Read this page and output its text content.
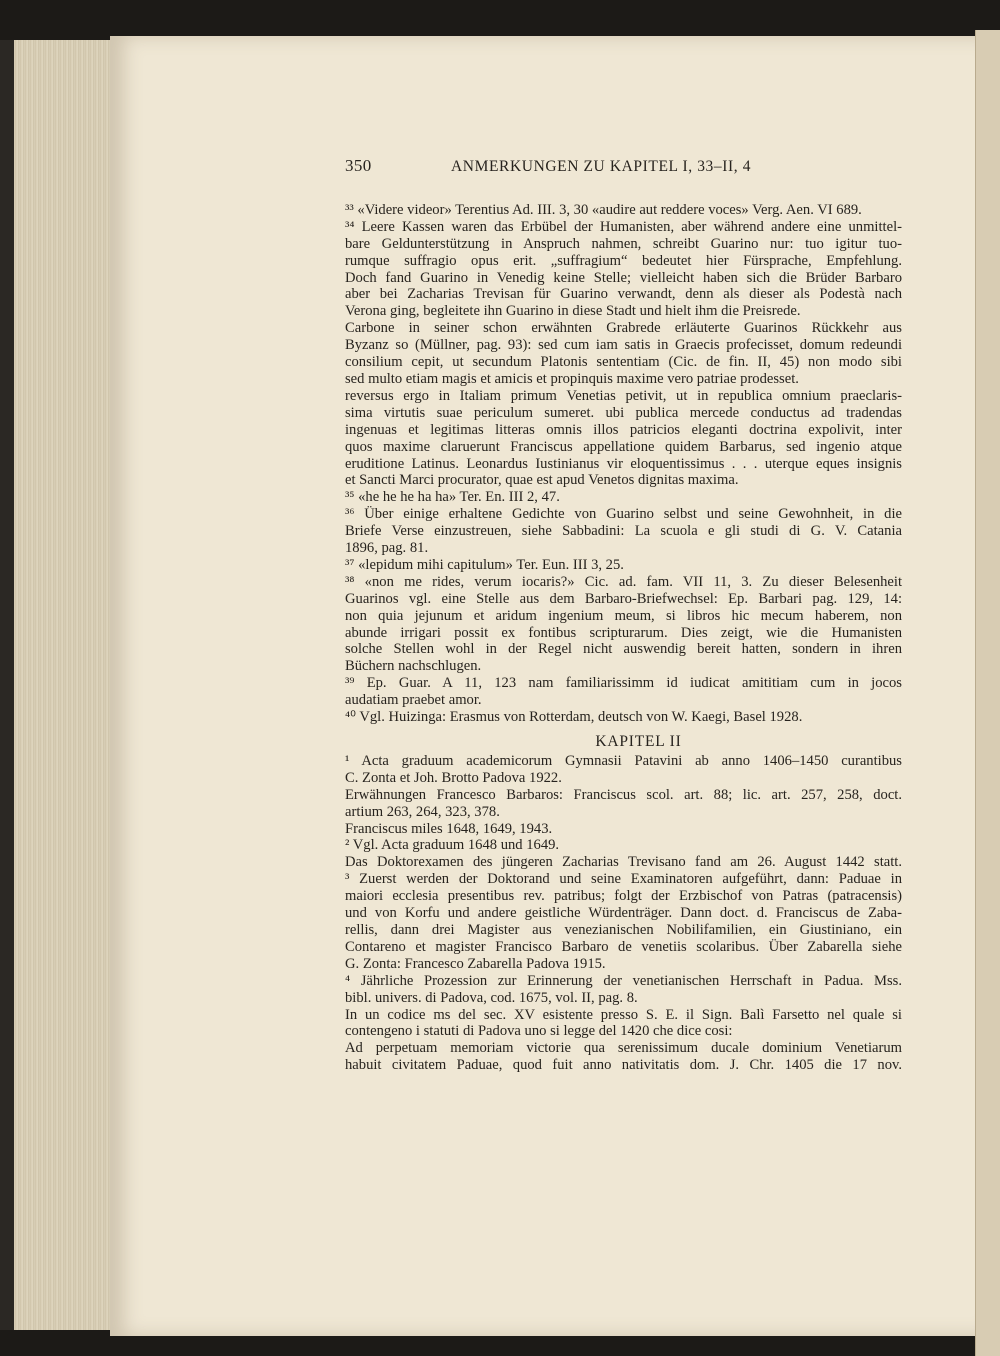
350	ANMERKUNGEN ZU KAPITEL I, 33–II, 4
³³ «Videre videor» Terentius Ad. III. 3, 30 «audire aut reddere voces» Verg. Aen. VI 689.
³⁴ Leere Kassen waren das Erbübel der Humanisten, aber während andere eine unmittel-
bare Geldunterstützung in Anspruch nahmen, schreibt Guarino nur: tuo igitur tuo-
rumque suffragio opus erit. „suffragium“ bedeutet hier Fürsprache, Empfehlung.
Doch fand Guarino in Venedig keine Stelle; vielleicht haben sich die Brüder Barbaro
aber bei Zacharias Trevisan für Guarino verwandt, denn als dieser als Podestà nach
Verona ging, begleitete ihn Guarino in diese Stadt und hielt ihm die Preisrede.
Carbone in seiner schon erwähnten Grabrede erläuterte Guarinos Rückkehr aus
Byzanz so (Müllner, pag. 93): sed cum iam satis in Graecis profecisset, domum redeundi
consilium cepit, ut secundum Platonis sententiam (Cic. de fin. II, 45) non modo sibi
sed multo etiam magis et amicis et propinquis maxime vero patriae prodesset.
reversus ergo in Italiam primum Venetias petivit, ut in republica omnium praeclaris-
sima virtutis suae periculum sumeret. ubi publica mercede conductus ad tradendas
ingenuas et legitimas litteras omnis illos patricios eleganti doctrina expolivit, inter
quos maxime claruerunt Franciscus appellatione quidem Barbarus, sed ingenio atque
eruditione Latinus. Leonardus Iustinianus vir eloquentissimus . . . uterque eques insignis
et Sancti Marci procurator, quae est apud Venetos dignitas maxima.
³⁵ «he he he ha ha» Ter. En. III 2, 47.
³⁶ Über einige erhaltene Gedichte von Guarino selbst und seine Gewohnheit, in die
Briefe Verse einzustreuen, siehe Sabbadini: La scuola e gli studi di G. V. Catania
1896, pag. 81.
³⁷ «lepidum mihi capitulum» Ter. Eun. III 3, 25.
³⁸ «non me rides, verum iocaris?» Cic. ad. fam. VII 11, 3. Zu dieser Belesenheit
Guarinos vgl. eine Stelle aus dem Barbaro-Briefwechsel: Ep. Barbari pag. 129, 14:
non quia jejunum et aridum ingenium meum, si libros hic mecum haberem, non
abunde irrigari possit ex fontibus scripturarum. Dies zeigt, wie die Humanisten
solche Stellen wohl in der Regel nicht auswendig bereit hatten, sondern in ihren
Büchern nachschlugen.
³⁹ Ep. Guar. A 11, 123 nam familiarissimm id iudicat amititiam cum in jocos
audatiam praebet amor.
⁴⁰ Vgl. Huizinga: Erasmus von Rotterdam, deutsch von W. Kaegi, Basel 1928.
KAPITEL II
¹ Acta graduum academicorum Gymnasii Patavini ab anno 1406–1450 curantibus
C. Zonta et Joh. Brotto Padova 1922.
Erwähnungen Francesco Barbaros: Franciscus scol. art. 88; lic. art. 257, 258, doct.
artium 263, 264, 323, 378.
Franciscus miles 1648, 1649, 1943.
² Vgl. Acta graduum 1648 und 1649.
Das Doktorexamen des jüngeren Zacharias Trevisano fand am 26. August 1442 statt.
³ Zuerst werden der Doktorand und seine Examinatoren aufgeführt, dann: Paduae in
maiori ecclesia presentibus rev. patribus; folgt der Erzbischof von Patras (patracensis)
und von Korfu und andere geistliche Würdenträger. Dann doct. d. Franciscus de Zaba-
rellis, dann drei Magister aus venezianischen Nobilifamilien, ein Giustiniano, ein
Contareno et magister Francisco Barbaro de venetiis scolaribus. Über Zabarella siehe
G. Zonta: Francesco Zabarella Padova 1915.
⁴ Jährliche Prozession zur Erinnerung der venetianischen Herrschaft in Padua. Mss.
bibl. univers. di Padova, cod. 1675, vol. II, pag. 8.
In un codice ms del sec. XV esistente presso S. E. il Sign. Balì Farsetto nel quale si
contengeno i statuti di Padova uno si legge del 1420 che dice cosi:
Ad perpetuam memoriam victorie qua serenissimum ducale dominium Venetiarum
habuit civitatem Paduae, quod fuit anno nativitatis dom. J. Chr. 1405 die 17 nov.
